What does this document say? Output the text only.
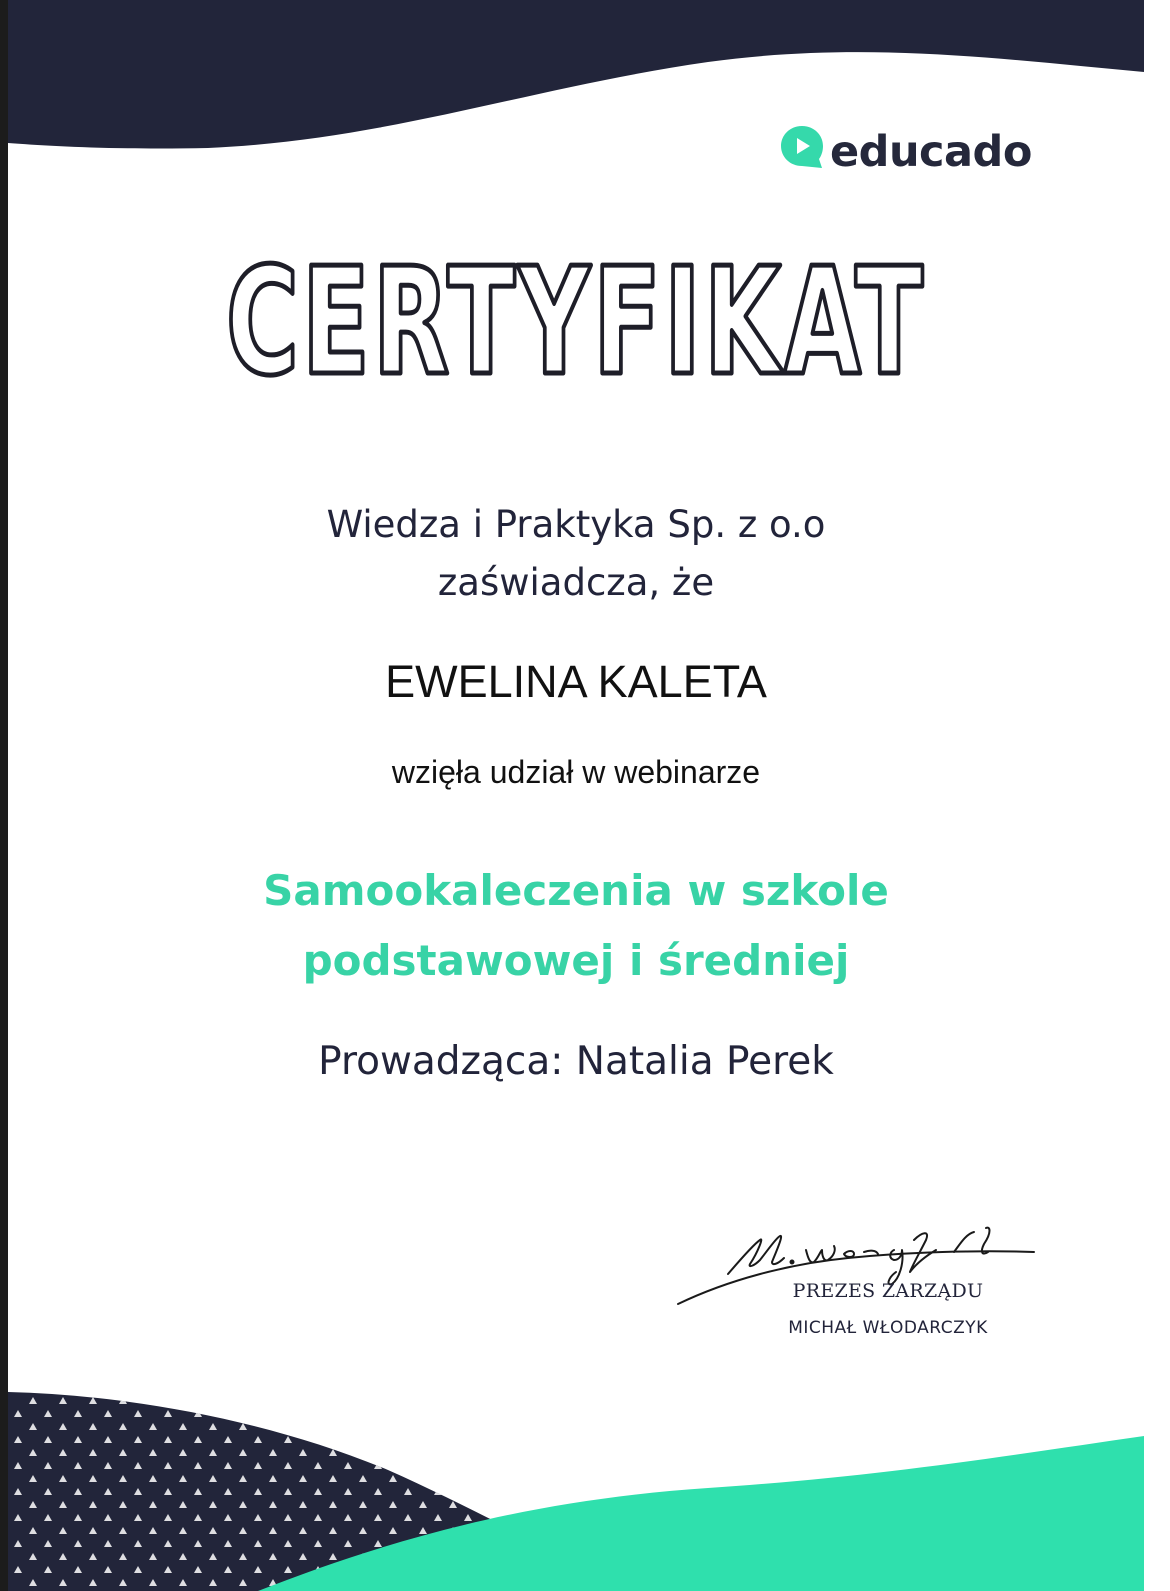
educado
CERTYFIKAT

Wiedza i Praktyka Sp. z o.o
zaświadcza, że

EWELINA KALETA

wzięła udział w webinarze

Samookaleczenia w szkole
podstawowej i średniej

Prowadząca: Natalia Perek

PREZES ZARZĄDU
MICHAŁ WŁODARCZYK
